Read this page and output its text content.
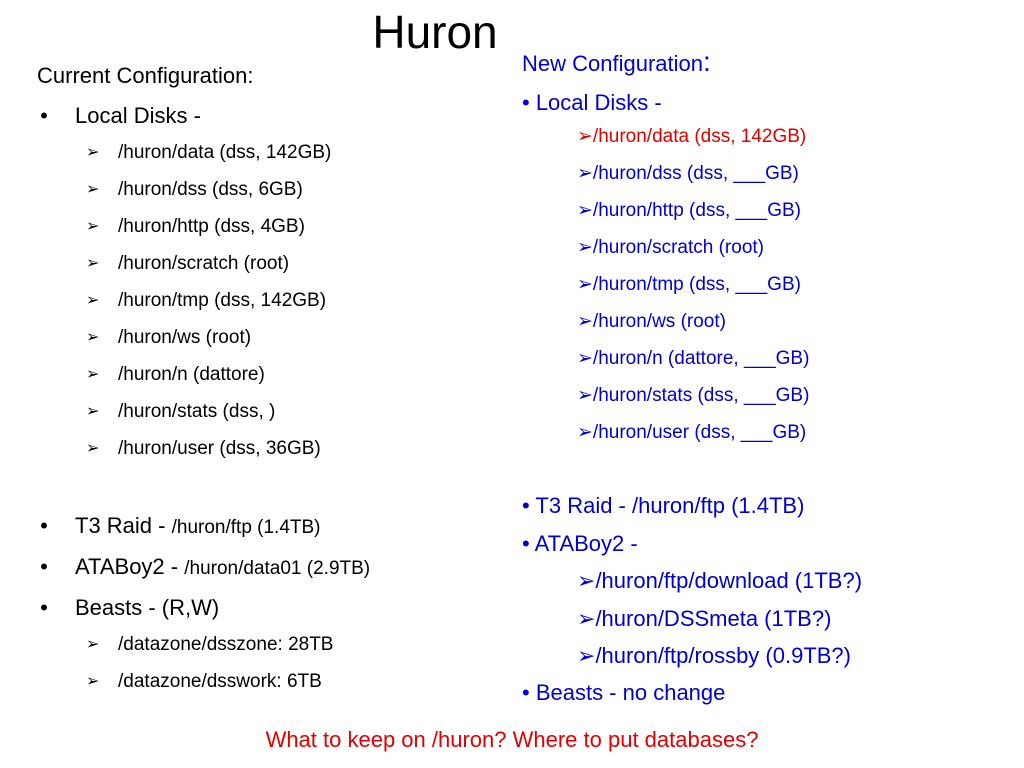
Huron
Current Configuration:
• Local Disks -
➢ /huron/data (dss, 142GB)
➢ /huron/dss (dss, 6GB)
➢ /huron/http (dss, 4GB)
➢ /huron/scratch (root)
➢ /huron/tmp (dss, 142GB)
➢ /huron/ws (root)
➢ /huron/n (dattore)
➢ /huron/stats (dss, )
➢ /huron/user (dss, 36GB)
• T3 Raid - /huron/ftp (1.4TB)
• ATABoy2 - /huron/data01 (2.9TB)
• Beasts - (R,W)
➢ /datazone/dsszone: 28TB
➢ /datazone/dsswork: 6TB
New Configuration:
• Local Disks -
➢/huron/data (dss, 142GB)
➢/huron/dss (dss, ___GB)
➢/huron/http (dss, ___GB)
➢/huron/scratch (root)
➢/huron/tmp (dss, ___GB)
➢/huron/ws (root)
➢/huron/n (dattore, ___GB)
➢/huron/stats (dss, ___GB)
➢/huron/user (dss, ___GB)
• T3 Raid - /huron/ftp (1.4TB)
• ATABoy2 -
➢/huron/ftp/download (1TB?)
➢/huron/DSSmeta (1TB?)
➢/huron/ftp/rossby (0.9TB?)
• Beasts - no change
What to keep on /huron? Where to put databases?
